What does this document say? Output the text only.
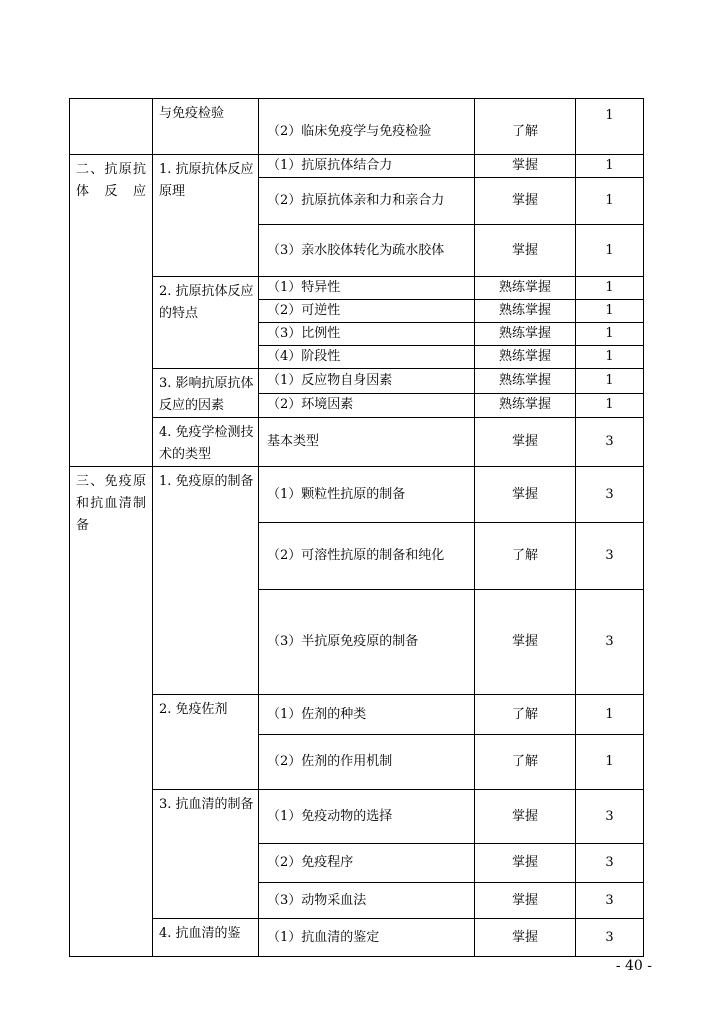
	与免疫检验	（2）临床免疫学与免疫检验	了解	1
二、抗原抗体反应	1. 抗原抗体反应原理	（1）抗原抗体结合力	掌握	1
		（2）抗原抗体亲和力和亲合力	掌握	1
		（3）亲水胶体转化为疏水胶体	掌握	1
	2. 抗原抗体反应的特点	（1）特异性	熟练掌握	1
		（2）可逆性	熟练掌握	1
		（3）比例性	熟练掌握	1
		（4）阶段性	熟练掌握	1
	3. 影响抗原抗体反应的因素	（1）反应物自身因素	熟练掌握	1
		（2）环境因素	熟练掌握	1
	4. 免疫学检测技术的类型	基本类型	掌握	3
三、免疫原和抗血清制备	1. 免疫原的制备	（1）颗粒性抗原的制备	掌握	3
		（2）可溶性抗原的制备和纯化	了解	3
		（3）半抗原免疫原的制备	掌握	3
	2. 免疫佐剂	（1）佐剂的种类	了解	1
		（2）佐剂的作用机制	了解	1
	3. 抗血清的制备	（1）免疫动物的选择	掌握	3
		（2）免疫程序	掌握	3
		（3）动物采血法	掌握	3
	4. 抗血清的鉴	（1）抗血清的鉴定	掌握	3
- 40 -
